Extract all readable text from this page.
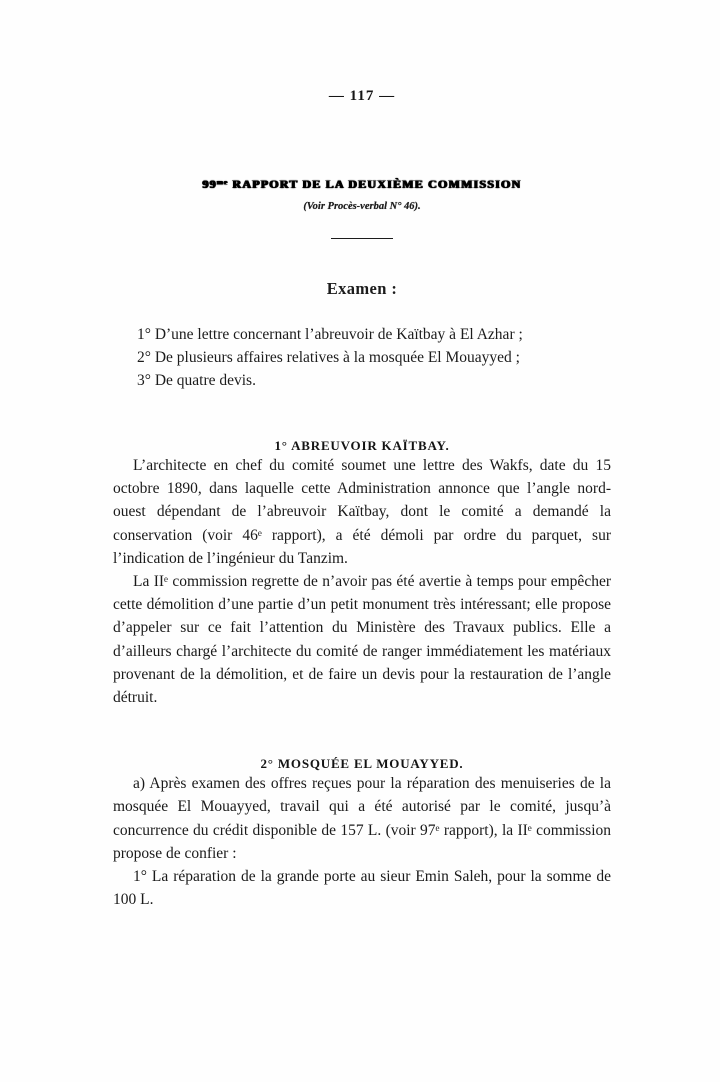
— 117 —
99ᵐᵉ RAPPORT DE LA DEUXIÈME COMMISSION
(Voir Procès-verbal N° 46).
Examen :
1° D’une lettre concernant l’abreuvoir de Kaïtbay à El Azhar ;
2° De plusieurs affaires relatives à la mosquée El Mouayyed ;
3° De quatre devis.
1° ABREUVOIR KAÏTBAY.

L’architecte en chef du comité soumet une lettre des Wakfs, date du 15 octobre 1890, dans laquelle cette Administration annonce que l’angle nord-ouest dépendant de l’abreuvoir Kaïtbay, dont le comité a demandé la conservation (voir 46ᵉ rapport), a été démoli par ordre du parquet, sur l’indication de l’ingénieur du Tanzim.

La IIᵉ commission regrette de n’avoir pas été avertie à temps pour empêcher cette démolition d’une partie d’un petit monument très intéressant; elle propose d’appeler sur ce fait l’attention du Ministère des Travaux publics. Elle a d’ailleurs chargé l’architecte du comité de ranger immédiatement les matériaux provenant de la démolition, et de faire un devis pour la restauration de l’angle détruit.

2° MOSQUÉE EL MOUAYYED.

a) Après examen des offres reçues pour la réparation des menuiseries de la mosquée El Mouayyed, travail qui a été autorisé par le comité, jusqu’à concurrence du crédit disponible de 157 L. (voir 97ᵉ rapport), la IIᵉ commission propose de confier :

1° La réparation de la grande porte au sieur Emin Saleh, pour la somme de 100 L.
